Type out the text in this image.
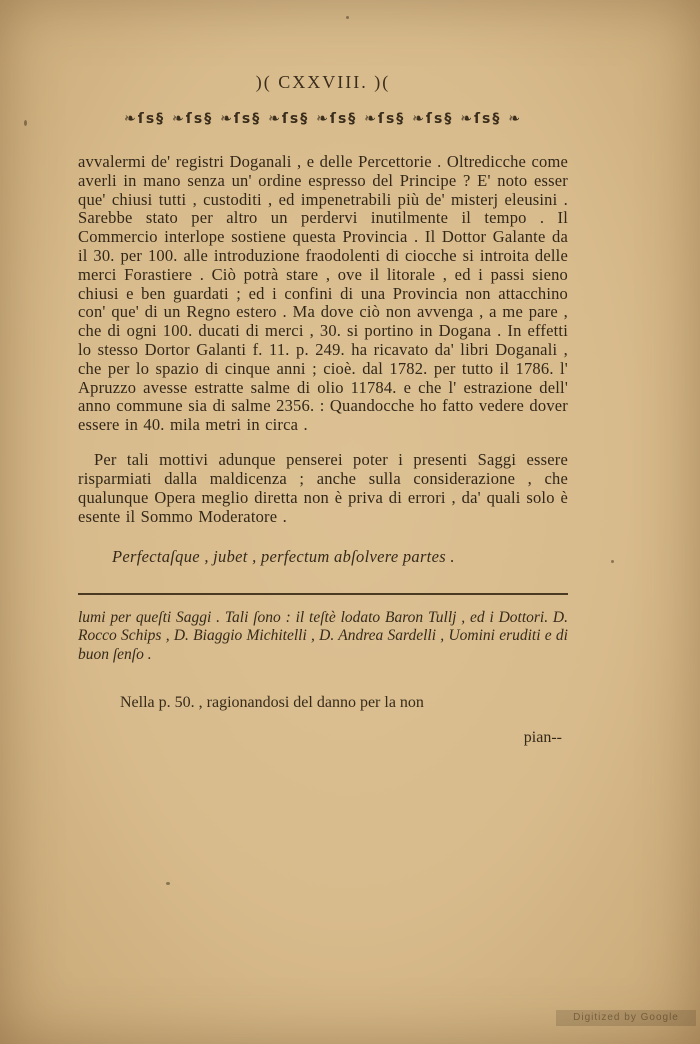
)( CXXVIII. )(
❧ſs§ ❧ſs§ ❧ſs§ ❧ſs§ ❧ſs§ ❧ſs§ ❧ſs§ ❧ſs§ ❧

avvalermi de' registri Doganali , e delle Percettorie . Oltredicche come averli in mano senza un' ordine espresso del Principe ? E' noto esser que' chiusi tutti , custoditi , ed impenetrabili più de' misterj eleusini . Sarebbe stato per altro un perdervi inutilmente il tempo . Il Commercio interlope sostiene questa Provincia . Il Dottor Galante da il 30. per 100. alle introduzione fraodolenti di ciocche si introita delle merci Forastiere . Ciò potrà stare , ove il litorale , ed i passi sieno chiusi e ben guardati ; ed i confini di una Provincia non attacchino con' que' di un Regno estero . Ma dove ciò non avvenga , a me pare , che di ogni 100. ducati di merci , 30. si portino in Dogana . In effetti lo stesso Dortor Galanti f. 11. p. 249. ha ricavato da' libri Doganali , che per lo spazio di cinque anni ; cioè. dal 1782. per tutto il 1786. l' Apruzzo avesse estratte salme di olio 11784. e che l' estrazione dell' anno commune sia di salme 2356. : Quandocche ho fatto vedere dover essere in 40. mila metri in circa .

Per tali mottivi adunque penserei poter i presenti Saggi essere risparmiati dalla maldicenza ; anche sulla considerazione , che qualunque Opera meglio diretta non è priva di errori , da' quali solo è esente il Sommo Moderatore .

Perfectaſque , jubet , perfectum abſolvere partes .

lumi per queſti Saggi . Tali ſono : il teſtè lodato Baron Tullj , ed i Dottori. D. Rocco Schips , D. Biaggio Michitelli , D. Andrea Sardelli , Uomini eruditi e di buon ſenſo .

Nella p. 50. , ragionandosi del danno per la non

pian--
Digitized by Google
